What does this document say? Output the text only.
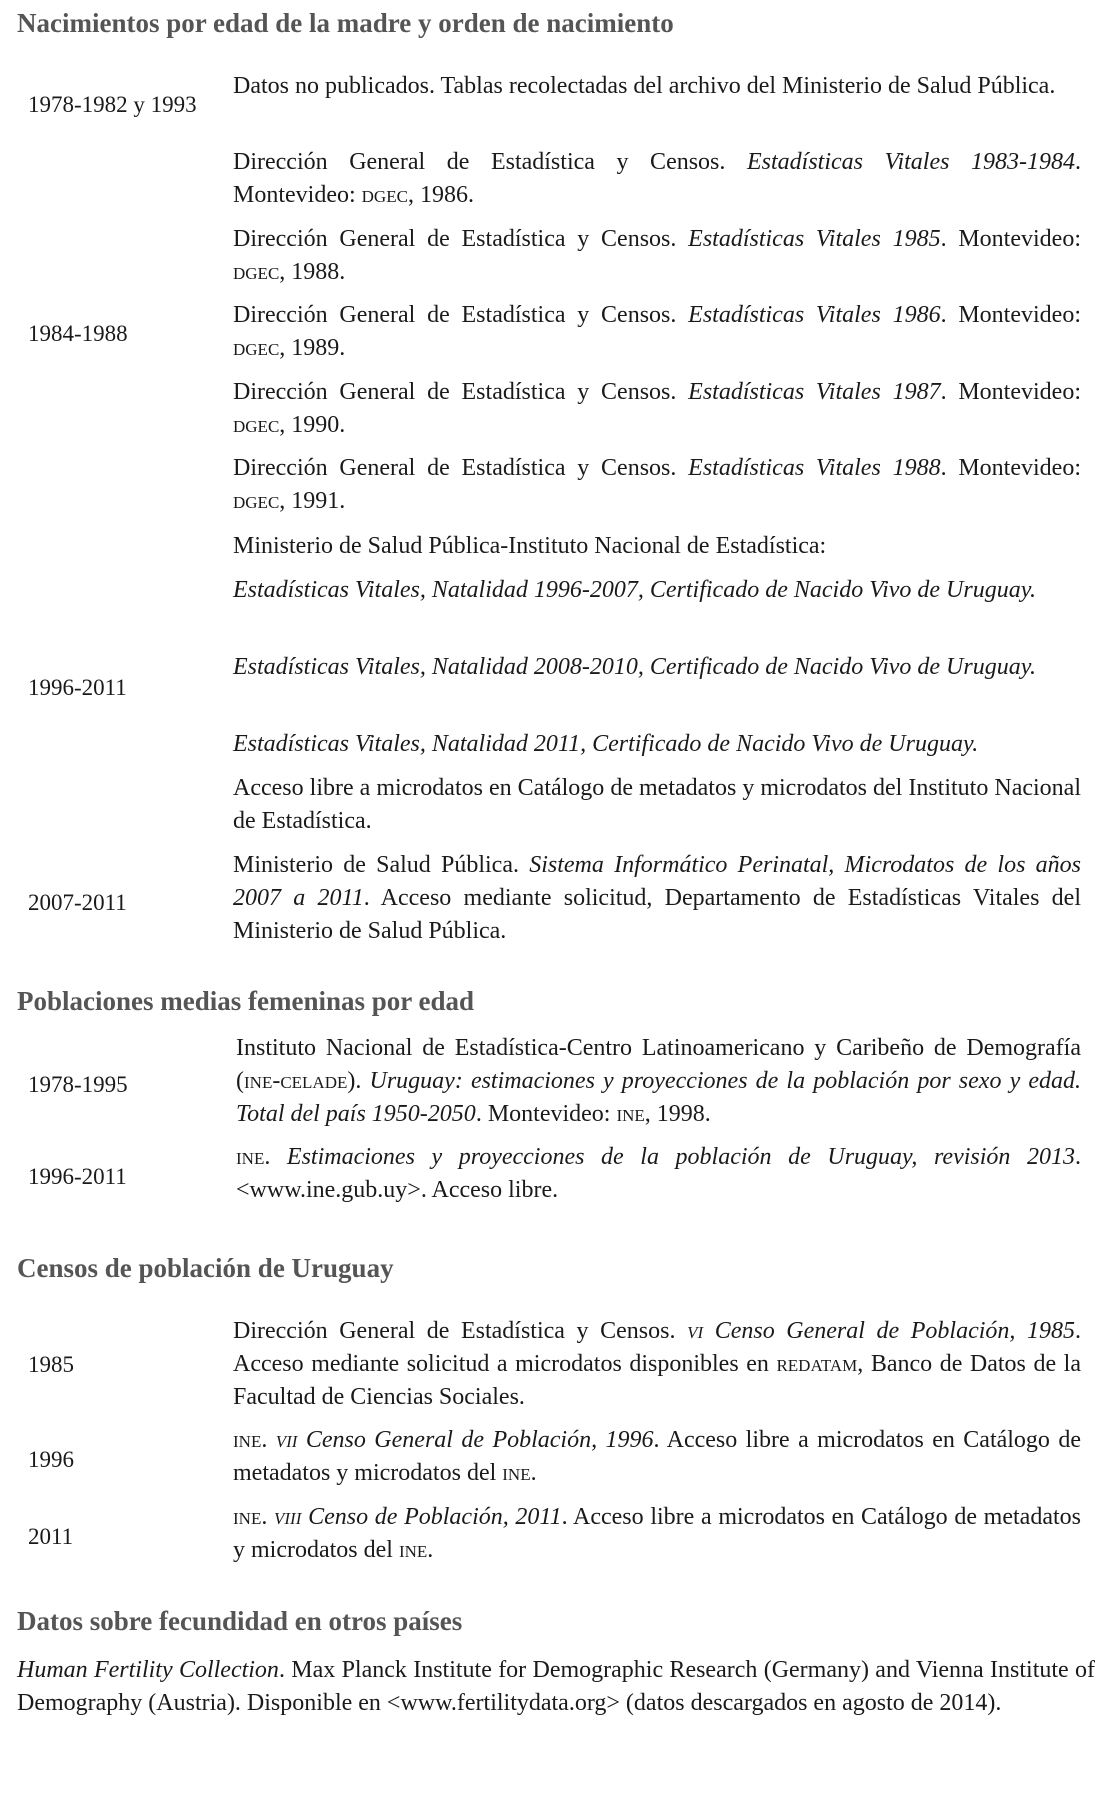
Nacimientos por edad de la madre y orden de nacimiento
1978-1982 y 1993
1984-1988
1996-2011
2007-2011
Datos no publicados. Tablas recolectadas del archivo del Ministerio de Salud Pública.
Dirección General de Estadística y Censos. Estadísticas Vitales 1983-1984. Montevideo: dgec, 1986.
Dirección General de Estadística y Censos. Estadísticas Vitales 1985. Montevideo: dgec, 1988.
Dirección General de Estadística y Censos. Estadísticas Vitales 1986. Montevideo: dgec, 1989.
Dirección General de Estadística y Censos. Estadísticas Vitales 1987. Montevideo: dgec, 1990.
Dirección General de Estadística y Censos. Estadísticas Vitales 1988. Montevideo: dgec, 1991.
Ministerio de Salud Pública-Instituto Nacional de Estadística:
Estadísticas Vitales, Natalidad 1996-2007, Certificado de Nacido Vivo de Uruguay.
Estadísticas Vitales, Natalidad 2008-2010, Certificado de Nacido Vivo de Uruguay.
Estadísticas Vitales, Natalidad 2011, Certificado de Nacido Vivo de Uruguay.
Acceso libre a microdatos en Catálogo de metadatos y microdatos del Instituto Nacional de Estadística.
Ministerio de Salud Pública. Sistema Informático Perinatal, Microdatos de los años 2007 a 2011. Acceso mediante solicitud, Departamento de Estadísticas Vitales del Ministerio de Salud Pública.
Poblaciones medias femeninas por edad
1978-1995
1996-2011
Instituto Nacional de Estadística-Centro Latinoamericano y Caribeño de Demografía (ine-celade). Uruguay: estimaciones y proyecciones de la población por sexo y edad. Total del país 1950-2050. Montevideo: ine, 1998.
ine. Estimaciones y proyecciones de la población de Uruguay, revisión 2013. <www.ine.gub.uy>. Acceso libre.
Censos de población de Uruguay
1985
1996
2011
Dirección General de Estadística y Censos. vi Censo General de Población, 1985. Acceso mediante solicitud a microdatos disponibles en redatam, Banco de Datos de la Facultad de Ciencias Sociales.
ine. vii Censo General de Población, 1996. Acceso libre a microdatos en Catálogo de metadatos y microdatos del ine.
ine. viii Censo de Población, 2011. Acceso libre a microdatos en Catálogo de metadatos y microdatos del ine.
Datos sobre fecundidad en otros países
Human Fertility Collection. Max Planck Institute for Demographic Research (Germany) and Vienna Institute of Demography (Austria). Disponible en <www.fertilitydata.org> (datos descargados en agosto de 2014).
